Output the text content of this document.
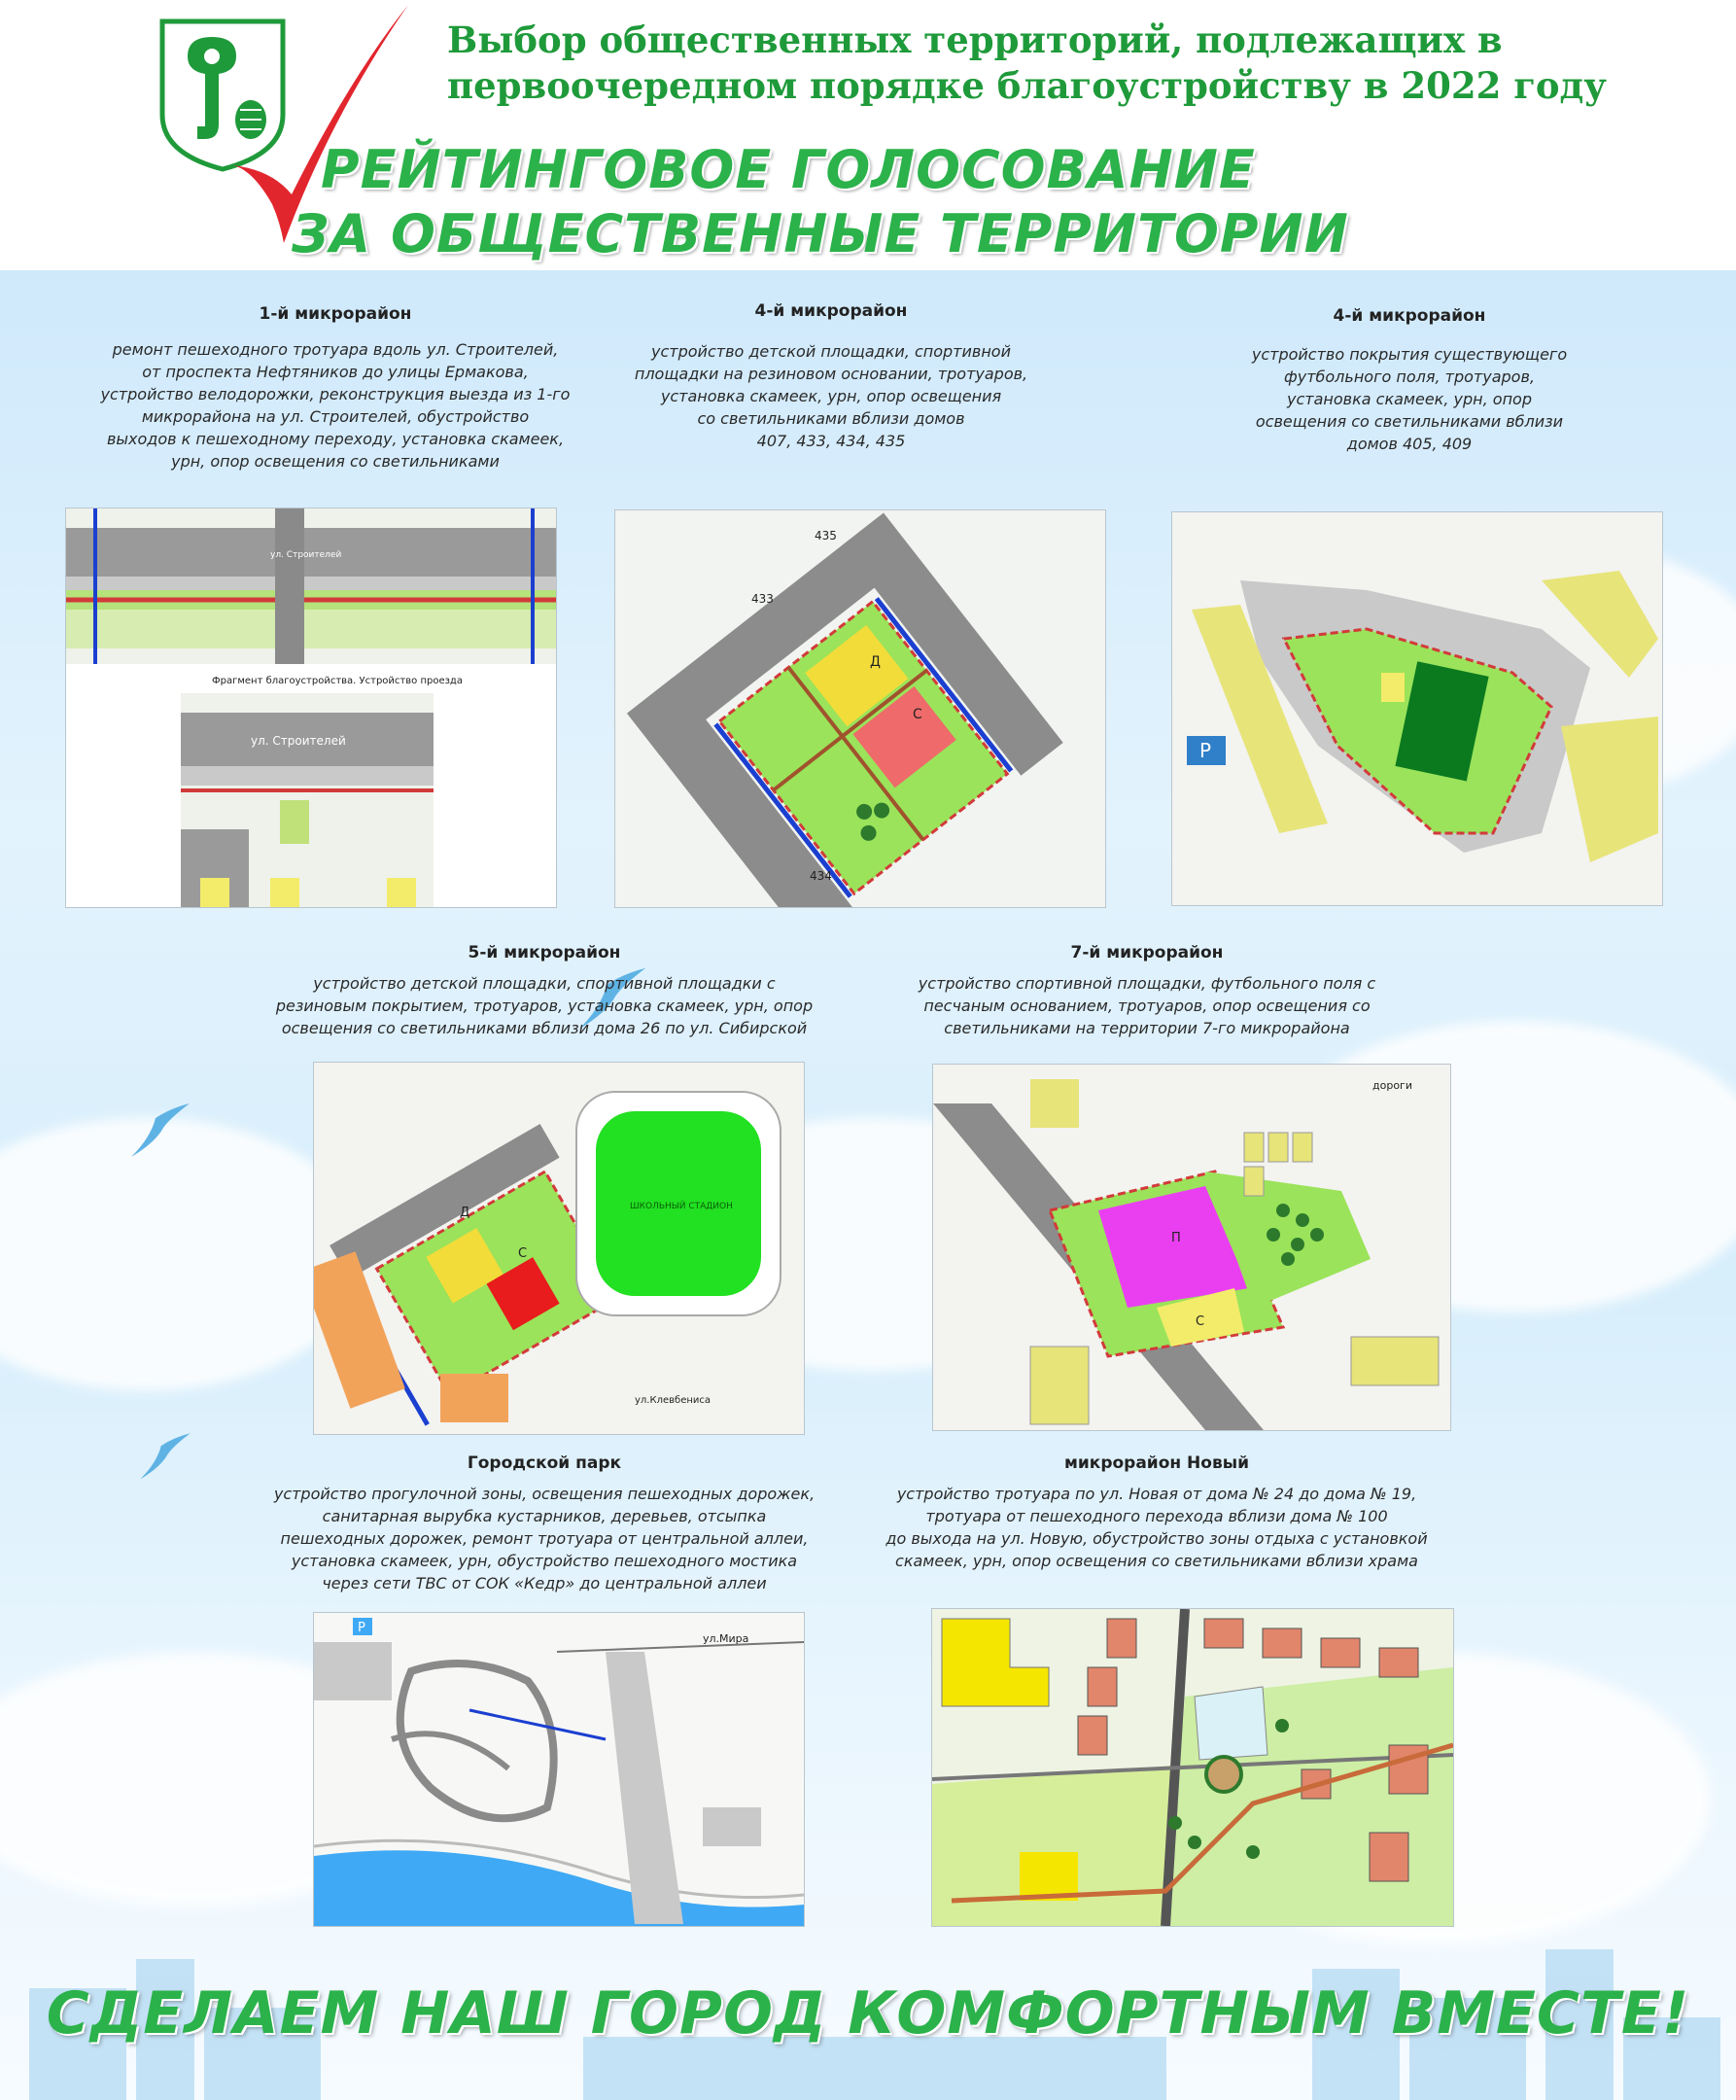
Выбор общественных территорий, подлежащих в
первоочередном порядке благоустройству в 2022 году
РЕЙТИНГОВОЕ ГОЛОСОВАНИЕ
ЗА ОБЩЕСТВЕННЫЕ ТЕРРИТОРИИ
1-й микрорайон
ремонт пешеходного тротуара вдоль ул. Строителей,
от проспекта Нефтяников до улицы Ермакова,
устройство велодорожки, реконструкция выезда из 1-го
микрорайона на ул. Строителей, обустройство
выходов к пешеходному переходу, установка скамеек,
урн, опор освещения со светильниками
ул. Строителей
Фрагмент благоустройства. Устройство проезда
ул. Строителей
4-й микрорайон
устройство детской площадки, спортивной
площадки на резиновом основании, тротуаров,
установка скамеек, урн, опор освещения
со светильниками вблизи домов
407, 433, 434, 435
433
434
435
Д
С
4-й микрорайон
устройство покрытия существующего
футбольного поля, тротуаров,
установка скамеек, урн, опор
освещения со светильниками вблизи
домов 405, 409
P
5-й микрорайон
устройство детской площадки, спортивной площадки с
резиновым покрытием, тротуаров, установка скамеек, урн, опор
освещения со светильниками вблизи дома 26 по ул. Сибирской
ШКОЛЬНЫЙ СТАДИОН
Д
С
ул.Клевбениса
7-й микрорайон
устройство спортивной площадки, футбольного поля с
песчаным основанием, тротуаров, опор освещения со
светильниками на территории 7-го микрорайона
дороги
П
С
Городской парк
устройство прогулочной зоны, освещения пешеходных дорожек,
санитарная вырубка кустарников, деревьев, отсыпка
пешеходных дорожек, ремонт тротуара от центральной аллеи,
установка скамеек, урн, обустройство пешеходного мостика
через сети ТВС от СОК «Кедр» до центральной аллеи
P
ул.Мира
микрорайон Новый
устройство тротуара по ул. Новая от дома № 24 до дома № 19,
тротуара от пешеходного перехода вблизи дома № 100
до выхода на ул. Новую, обустройство зоны отдыха с установкой
скамеек, урн, опор освещения со светильниками вблизи храма
СДЕЛАЕМ НАШ ГОРОД КОМФОРТНЫМ ВМЕСТЕ!
